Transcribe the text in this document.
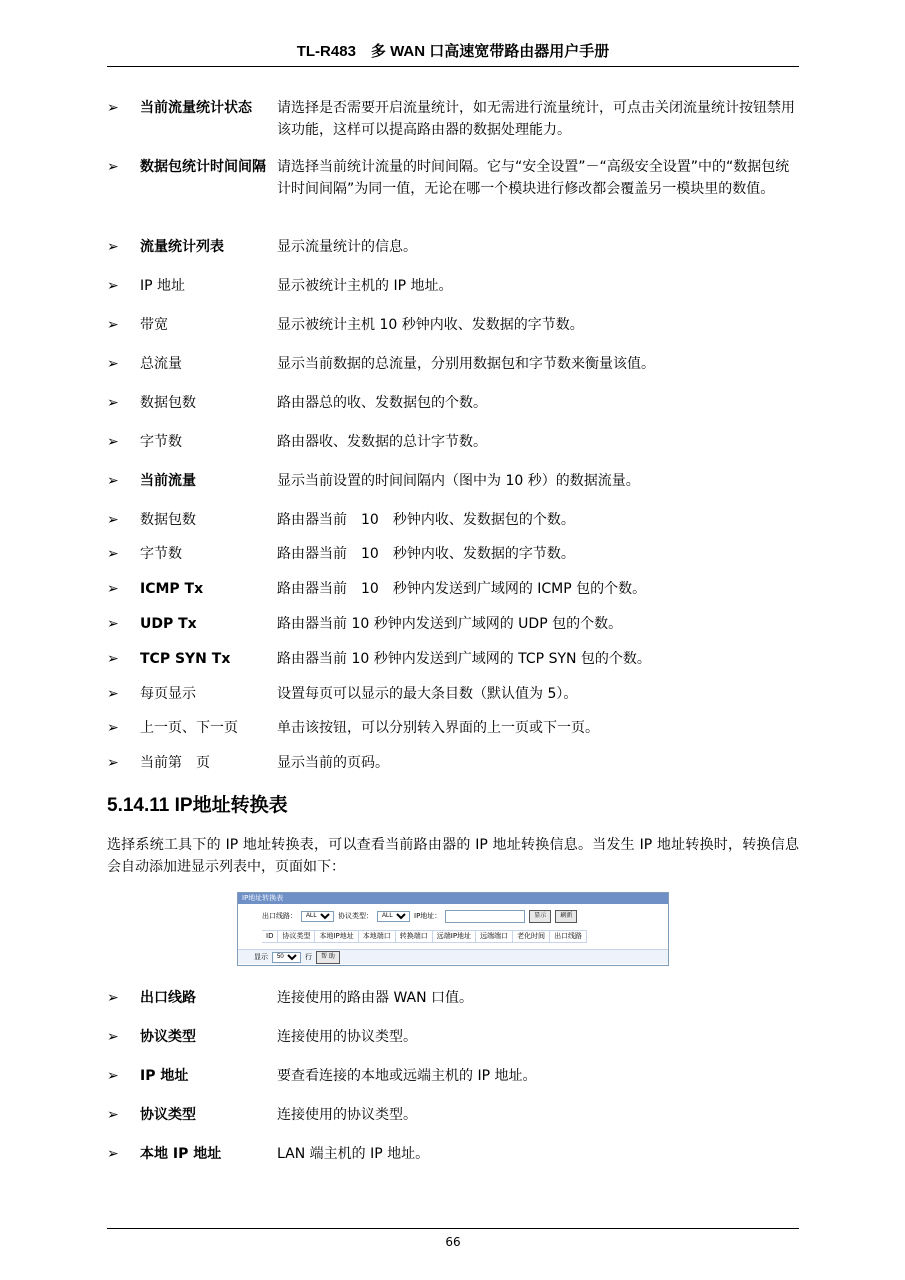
TL-R483　多 WAN 口高速宽带路由器用户手册
➢	当前流量统计状态	请选择是否需要开启流量统计，如无需进行流量统计，可点击关闭流量统计按钮禁用该功能，这样可以提高路由器的数据处理能力。
➢	数据包统计时间间隔 请选择当前统计流量的时间间隔。它与“安全设置”－“高级安全设置”中的“数据包统计时间间隔”为同一值，无论在哪一个模块进行修改都会覆盖另一模块里的数值。
➢	流量统计列表	显示流量统计的信息。
➢	IP 地址	显示被统计主机的 IP 地址。
➢	带宽	显示被统计主机 10 秒钟内收、发数据的字节数。
➢	总流量	显示当前数据的总流量，分别用数据包和字节数来衡量该值。
➢	数据包数	路由器总的收、发数据包的个数。
➢	字节数	路由器收、发数据的总计字节数。
➢	当前流量	显示当前设置的时间间隔内（图中为 10 秒）的数据流量。
➢	数据包数	路由器当前　10　秒钟内收、发数据包的个数。
➢	字节数	路由器当前　10　秒钟内收、发数据的字节数。
➢	ICMP Tx	路由器当前　10　秒钟内发送到广域网的 ICMP 包的个数。
➢	UDP Tx	路由器当前 10 秒钟内发送到广域网的 UDP 包的个数。
➢	TCP SYN Tx	路由器当前 10 秒钟内发送到广域网的 TCP SYN 包的个数。
➢	每页显示	设置每页可以显示的最大条目数（默认值为 5）。
➢	上一页、下一页	单击该按钮，可以分别转入界面的上一页或下一页。
➢	当前第　页	显示当前的页码。
5.14.11 IP地址转换表
选择系统工具下的 IP 地址转换表，可以查看当前路由器的 IP 地址转换信息。当发生 IP 地址转换时，转换信息会自动添加进显示列表中，页面如下：
IP地址转换表
出口线路：
ALL	协议类型：
ALL	IP地址：	显示	刷新
ID	协议类型	本地IP地址	本地端口	转换端口	远端IP地址	远端端口	老化时间	出口线路
显示
50	行	帮 助
➢	出口线路	连接使用的路由器 WAN 口值。
➢	协议类型	连接使用的协议类型。
➢	IP 地址	要查看连接的本地或远端主机的 IP 地址。
➢	协议类型	连接使用的协议类型。
➢	本地 IP 地址	LAN 端主机的 IP 地址。
66
